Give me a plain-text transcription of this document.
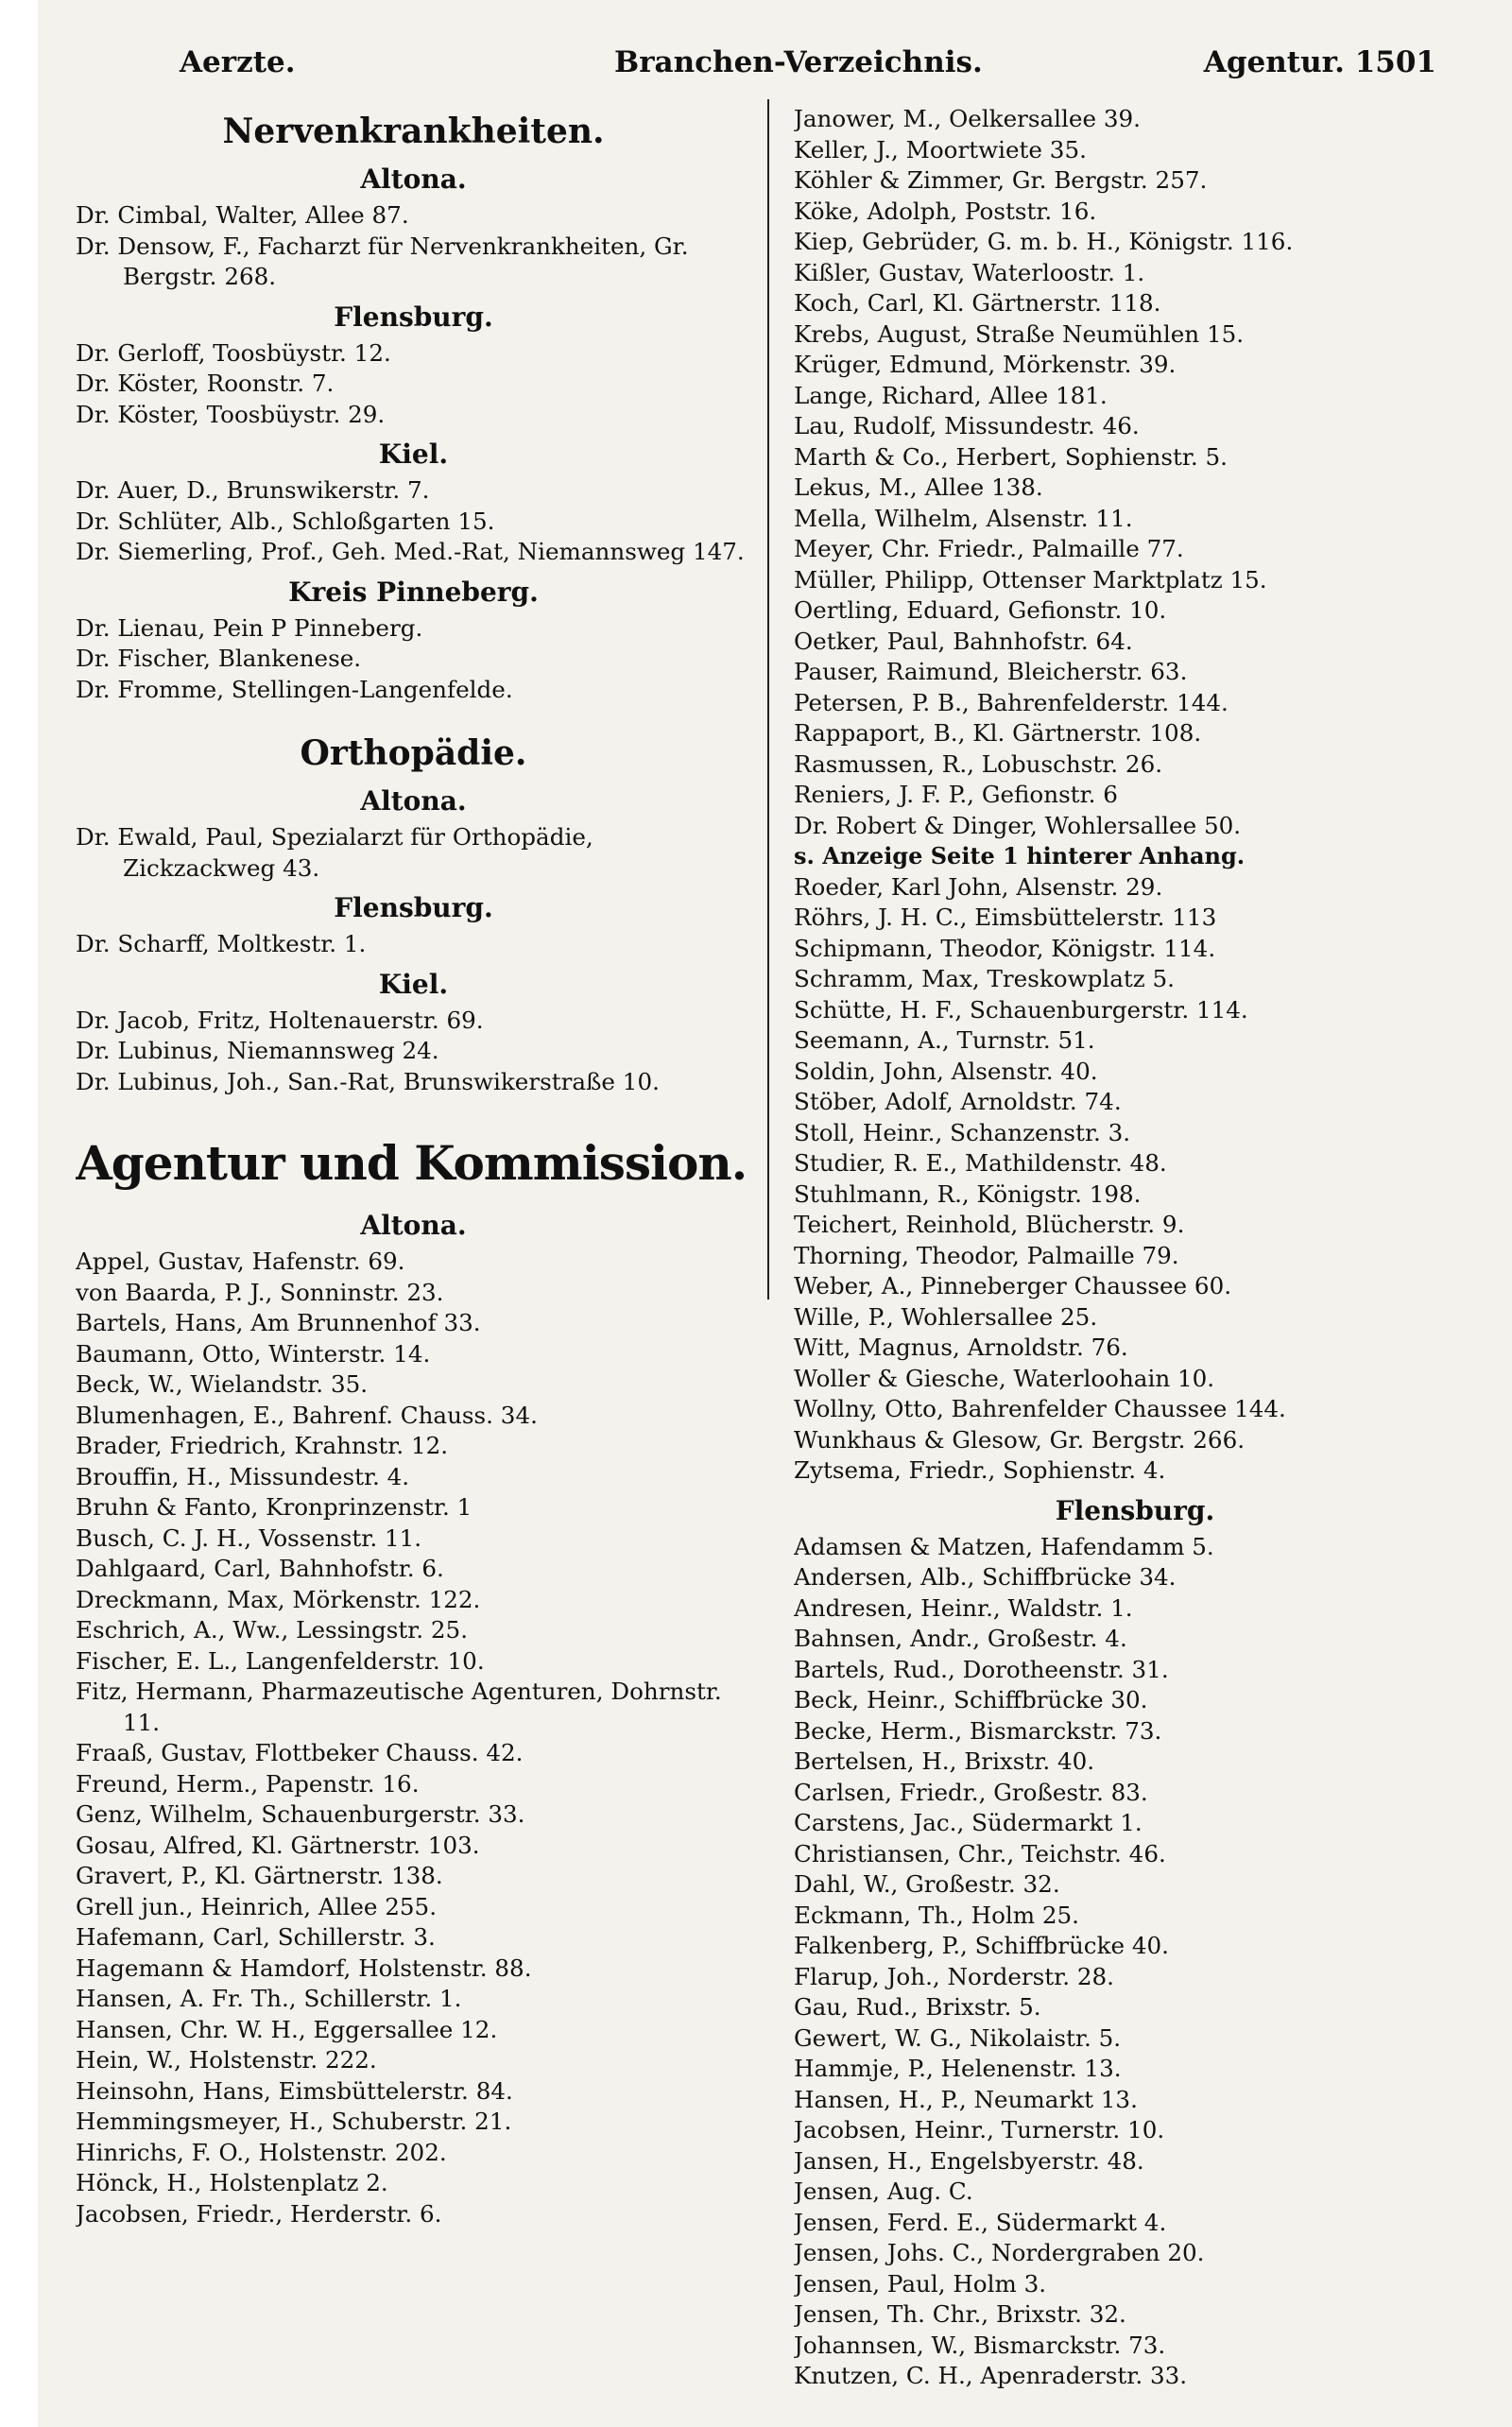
Aerzte.	Branchen-Verzeichnis.	Agentur. 1501
Nervenkrankheiten.
Altona.
Dr. Cimbal, Walter, Allee 87.
Dr. Densow, F., Facharzt für Nervenkrankheiten, Gr. Bergstr. 268.
Flensburg.
Dr. Gerloff, Toosbüystr. 12.
Dr. Köster, Roonstr. 7.
Dr. Köster, Toosbüystr. 29.
Kiel.
Dr. Auer, D., Brunswikerstr. 7.
Dr. Schlüter, Alb., Schloßgarten 15.
Dr. Siemerling, Prof., Geh. Med.-Rat, Niemannsweg 147.
Kreis Pinneberg.
Dr. Lienau, Pein P Pinneberg.
Dr. Fischer, Blankenese.
Dr. Fromme, Stellingen-Langenfelde.
Orthopädie.
Altona.
Dr. Ewald, Paul, Spezialarzt für Orthopädie, Zickzackweg 43.
Flensburg.
Dr. Scharff, Moltkestr. 1.
Kiel.
Dr. Jacob, Fritz, Holtenauerstr. 69.
Dr. Lubinus, Niemannsweg 24.
Dr. Lubinus, Joh., San.-Rat, Brunswikerstraße 10.
Agentur und Kommission.
Altona.
Appel, Gustav, Hafenstr. 69.
von Baarda, P. J., Sonninstr. 23.
Bartels, Hans, Am Brunnenhof 33.
Baumann, Otto, Winterstr. 14.
Beck, W., Wielandstr. 35.
Blumenhagen, E., Bahrenf. Chauss. 34.
Brader, Friedrich, Krahnstr. 12.
Brouffin, H., Missundestr. 4.
Bruhn & Fanto, Kronprinzenstr. 1
Busch, C. J. H., Vossenstr. 11.
Dahlgaard, Carl, Bahnhofstr. 6.
Dreckmann, Max, Mörkenstr. 122.
Eschrich, A., Ww., Lessingstr. 25.
Fischer, E. L., Langenfelderstr. 10.
Fitz, Hermann, Pharmazeutische Agenturen, Dohrnstr. 11.
Fraaß, Gustav, Flottbeker Chauss. 42.
Freund, Herm., Papenstr. 16.
Genz, Wilhelm, Schauenburgerstr. 33.
Gosau, Alfred, Kl. Gärtnerstr. 103.
Gravert, P., Kl. Gärtnerstr. 138.
Grell jun., Heinrich, Allee 255.
Hafemann, Carl, Schillerstr. 3.
Hagemann & Hamdorf, Holstenstr. 88.
Hansen, A. Fr. Th., Schillerstr. 1.
Hansen, Chr. W. H., Eggersallee 12.
Hein, W., Holstenstr. 222.
Heinsohn, Hans, Eimsbüttelerstr. 84.
Hemmingsmeyer, H., Schuberstr. 21.
Hinrichs, F. O., Holstenstr. 202.
Hönck, H., Holstenplatz 2.
Jacobsen, Friedr., Herderstr. 6.
Janower, M., Oelkersallee 39.
Keller, J., Moortwiete 35.
Köhler & Zimmer, Gr. Bergstr. 257.
Köke, Adolph, Poststr. 16.
Kiep, Gebrüder, G. m. b. H., Königstr. 116.
Kißler, Gustav, Waterloostr. 1.
Koch, Carl, Kl. Gärtnerstr. 118.
Krebs, August, Straße Neumühlen 15.
Krüger, Edmund, Mörkenstr. 39.
Lange, Richard, Allee 181.
Lau, Rudolf, Missundestr. 46.
Marth & Co., Herbert, Sophienstr. 5.
Lekus, M., Allee 138.
Mella, Wilhelm, Alsenstr. 11.
Meyer, Chr. Friedr., Palmaille 77.
Müller, Philipp, Ottenser Marktplatz 15.
Oertling, Eduard, Gefionstr. 10.
Oetker, Paul, Bahnhofstr. 64.
Pauser, Raimund, Bleicherstr. 63.
Petersen, P. B., Bahrenfelderstr. 144.
Rappaport, B., Kl. Gärtnerstr. 108.
Rasmussen, R., Lobuschstr. 26.
Reniers, J. F. P., Gefionstr. 6
Dr. Robert & Dinger, Wohlersallee 50.
s. Anzeige Seite 1 hinterer Anhang.
Roeder, Karl John, Alsenstr. 29.
Röhrs, J. H. C., Eimsbüttelerstr. 113
Schipmann, Theodor, Königstr. 114.
Schramm, Max, Treskowplatz 5.
Schütte, H. F., Schauenburgerstr. 114.
Seemann, A., Turnstr. 51.
Soldin, John, Alsenstr. 40.
Stöber, Adolf, Arnoldstr. 74.
Stoll, Heinr., Schanzenstr. 3.
Studier, R. E., Mathildenstr. 48.
Stuhlmann, R., Königstr. 198.
Teichert, Reinhold, Blücherstr. 9.
Thorning, Theodor, Palmaille 79.
Weber, A., Pinneberger Chaussee 60.
Wille, P., Wohlersallee 25.
Witt, Magnus, Arnoldstr. 76.
Woller & Giesche, Waterloohain 10.
Wollny, Otto, Bahrenfelder Chaussee 144.
Wunkhaus & Glesow, Gr. Bergstr. 266.
Zytsema, Friedr., Sophienstr. 4.
Flensburg.
Adamsen & Matzen, Hafendamm 5.
Andersen, Alb., Schiffbrücke 34.
Andresen, Heinr., Waldstr. 1.
Bahnsen, Andr., Großestr. 4.
Bartels, Rud., Dorotheenstr. 31.
Beck, Heinr., Schiffbrücke 30.
Becke, Herm., Bismarckstr. 73.
Bertelsen, H., Brixstr. 40.
Carlsen, Friedr., Großestr. 83.
Carstens, Jac., Südermarkt 1.
Christiansen, Chr., Teichstr. 46.
Dahl, W., Großestr. 32.
Eckmann, Th., Holm 25.
Falkenberg, P., Schiffbrücke 40.
Flarup, Joh., Norderstr. 28.
Gau, Rud., Brixstr. 5.
Gewert, W. G., Nikolaistr. 5.
Hammje, P., Helenenstr. 13.
Hansen, H., P., Neumarkt 13.
Jacobsen, Heinr., Turnerstr. 10.
Jansen, H., Engelsbyerstr. 48.
Jensen, Aug. C.
Jensen, Ferd. E., Südermarkt 4.
Jensen, Johs. C., Nordergraben 20.
Jensen, Paul, Holm 3.
Jensen, Th. Chr., Brixstr. 32.
Johannsen, W., Bismarckstr. 73.
Knutzen, C. H., Apenraderstr. 33.
